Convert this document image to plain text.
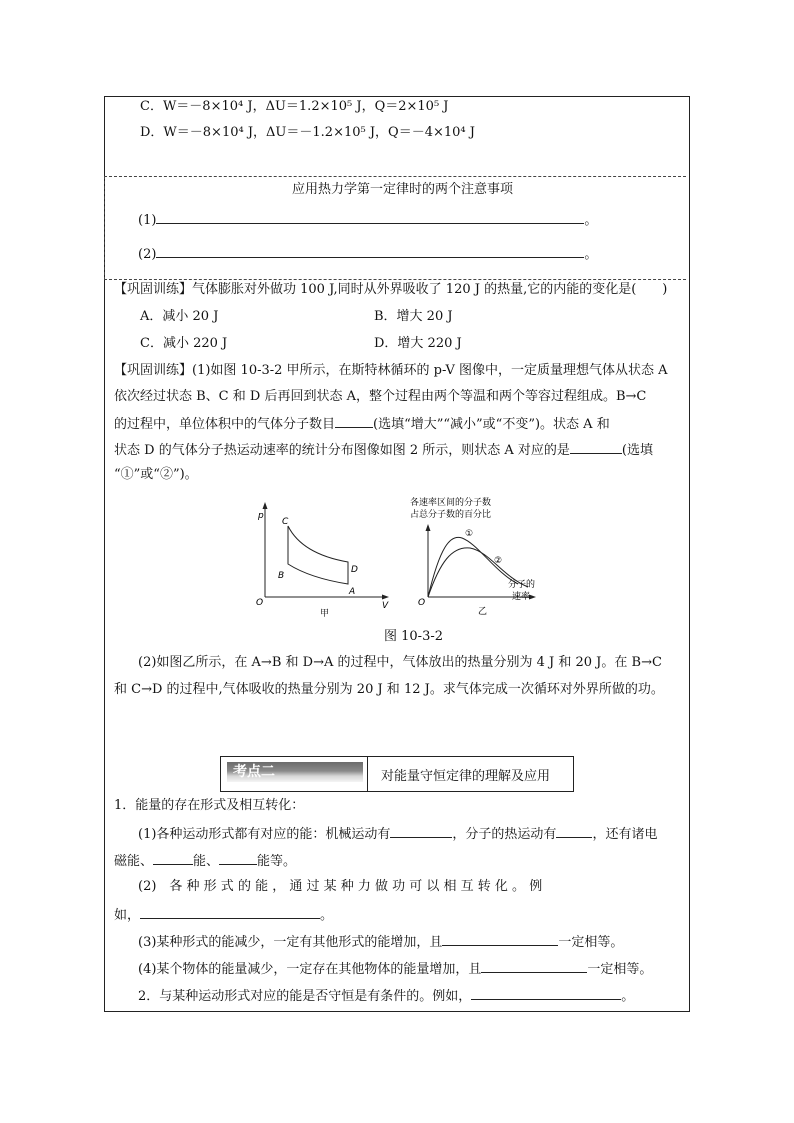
C．W＝－8×10⁴ J，ΔU＝1.2×10⁵ J，Q＝2×10⁵ J
D．W＝－8×10⁴ J，ΔU＝－1.2×10⁵ J，Q＝－4×10⁴ J
应用热力学第一定律时的两个注意事项
(1)	。
(2)	。
【巩固训练】气体膨胀对外做功 100 J,同时从外界吸收了 120 J 的热量,它的内能的变化是(　　)
A．减小 20 J	B．增大 20 J
C．减小 220 J	D．增大 220 J
【巩固训练】(1)如图 10-3-2 甲所示，在斯特林循环的 p-V 图像中，一定质量理想气体从状态 A
依次经过状态 B、C 和 D 后再回到状态 A，整个过程由两个等温和两个等容过程组成。B→C
的过程中，单位体积中的气体分子数目	(选填“增大”“减小”或“不变”)。状态 A 和
状态 D 的气体分子热运动速率的统计分布图像如图 2 所示，则状态 A 对应的是	(选填
“①”或“②”)。
p
V
O
C
B
D
A
甲
各速率区间的分子数
占总分子数的百分比
①
②
O
分子的
速率
乙
图 10-3-2
(2)如图乙所示，在 A→B 和 D→A 的过程中，气体放出的热量分别为 4 J 和 20 J。在 B→C
和 C→D 的过程中,气体吸收的热量分别为 20 J 和 12 J。求气体完成一次循环对外界所做的功。
考点二	对能量守恒定律的理解及应用
1．能量的存在形式及相互转化：
(1)各种运动形式都有对应的能：机械运动有	，分子的热运动有	，还有诸电
磁能、	能、	能等。
(2)　各 种 形 式 的 能 ， 通 过 某 种 力 做 功 可 以 相 互 转 化 。 例
如，	。
(3)某种形式的能减少，一定有其他形式的能增加，且	一定相等。
(4)某个物体的能量减少，一定存在其他物体的能量增加，且	一定相等。
2．与某种运动形式对应的能是否守恒是有条件的。例如，	。
